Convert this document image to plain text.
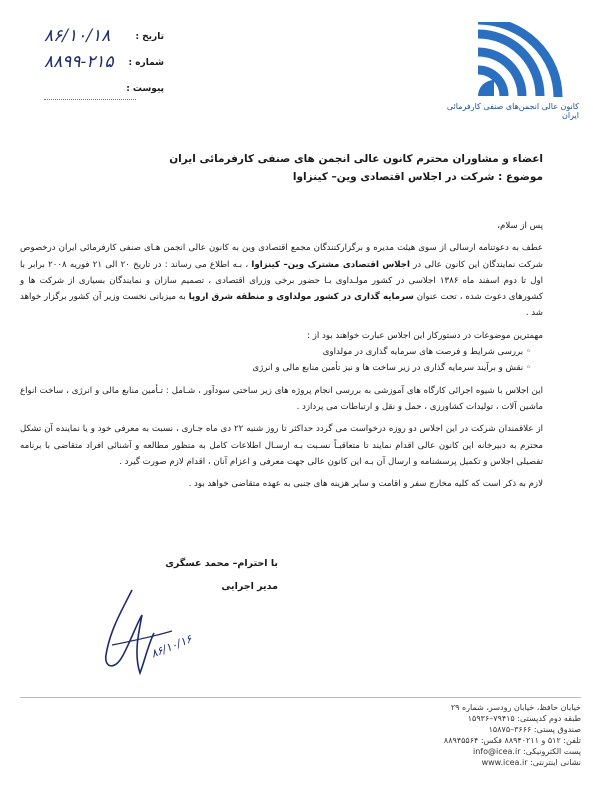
۸۶/۱۰/۱۸	تاریخ :
۸۸۹۹-۲۱۵ شماره :
پیوست :
کانون عالی انجمن‌های صنفی کارفرمائی ایران
اعضاء و مشاوران محترم کانون عالی انجمن های صنفی کارفرمائی ایران
موضوع : شرکت در اجلاس اقتصادی وین– کینزاوا

پس از سلام،

عطف به دعوتنامه ارسالی از سوی هیئت مدیره و برگزارکنندگان مجمع اقتصادی وین به کانون عالی انجمن هـای صنفی کارفرمائی ایران درخصوص شرکت نمایندگان این کانون عالی در اجلاس اقتصادی مشترک وین– کینزاوا ، بـه اطلاع می رساند : در تاریخ ۲۰ الی ۲۱ فوریه ۲۰۰۸ برابر با اول تا دوم اسفند ماه ۱۳۸۶ اجلاسی در کشور مولـداوی بـا حضور برخی وزرای اقتصادی ، تصمیم سازان و نمایندگان بسیاری از شرکت ها و کشورهای دعوت شده ، تحت عنوان سرمایه گذاری در کشور مولداوی و منطقه شرق اروپا به میزبانی نخست وزیر آن کشور برگزار خواهد شد .

مهمترین موضوعات در دستورکار این اجلاس عبارت خواهند بود از :

◦ بررسی شرایط و فرصت های سرمایه گذاری در مولداوی
◦ نقش و برآیند سرمایه گذاری در زیر ساخت ها و نیز تأمین منابع مالی و انرژی

این اجلاس با شیوه اجرائی کارگاه های آموزشی به بررسی انجام پروژه های زیر ساختی سودآور ، شـامل : تـأمین منابع مالی و انرژی ، ساخت انواع ماشین آلات ، تولیدات کشاورزی ، حمل و نقل و ارتباطات می پردازد .

از علاقمندان شرکت در این اجلاس دو روزه درخواست می گردد حداکثر تا روز شنبه ۲۲ دی ماه جـاری ، نسبت به معرفی خود و یا نماینده آن تشکل محترم به دبیرخانه این کانون عالی اقدام نمایند تا متعاقبـاً نسـبت بـه ارسـال اطلاعات کامل به منظور مطالعه و آشنائی افراد متقاضی با برنامه تفصیلی اجلاس و تکمیل پرسشنامه و ارسال آن بـه این کانون عالی جهت معرفی و اعزام آنان ، اقدام لازم صورت گیرد .

لازم به ذکر است که کلیه مخارج سفر و اقامت و سایر هزینه های جنبی به عهده متقاضی خواهد بود .

با احترام– محمد عسگری
مدیر اجرایی
۸۶/۱۰/۱۶
خیابان حافظ، خیابان رودسر، شماره ۲۹
طبقه دوم کدپستی: ۷۹۴۱۵–۱۵۹۳۶
صندوق پستی: ۳۶۶۶–۱۵۸۷۵
تلفن: ۵۱۲ و ۸۸۹۴۰۲۱۱ فکس: ۸۸۹۴۵۵۶۴
پست الکترونیکی: info@icea.ir
نشانی اینترنتی: www.icea.ir
